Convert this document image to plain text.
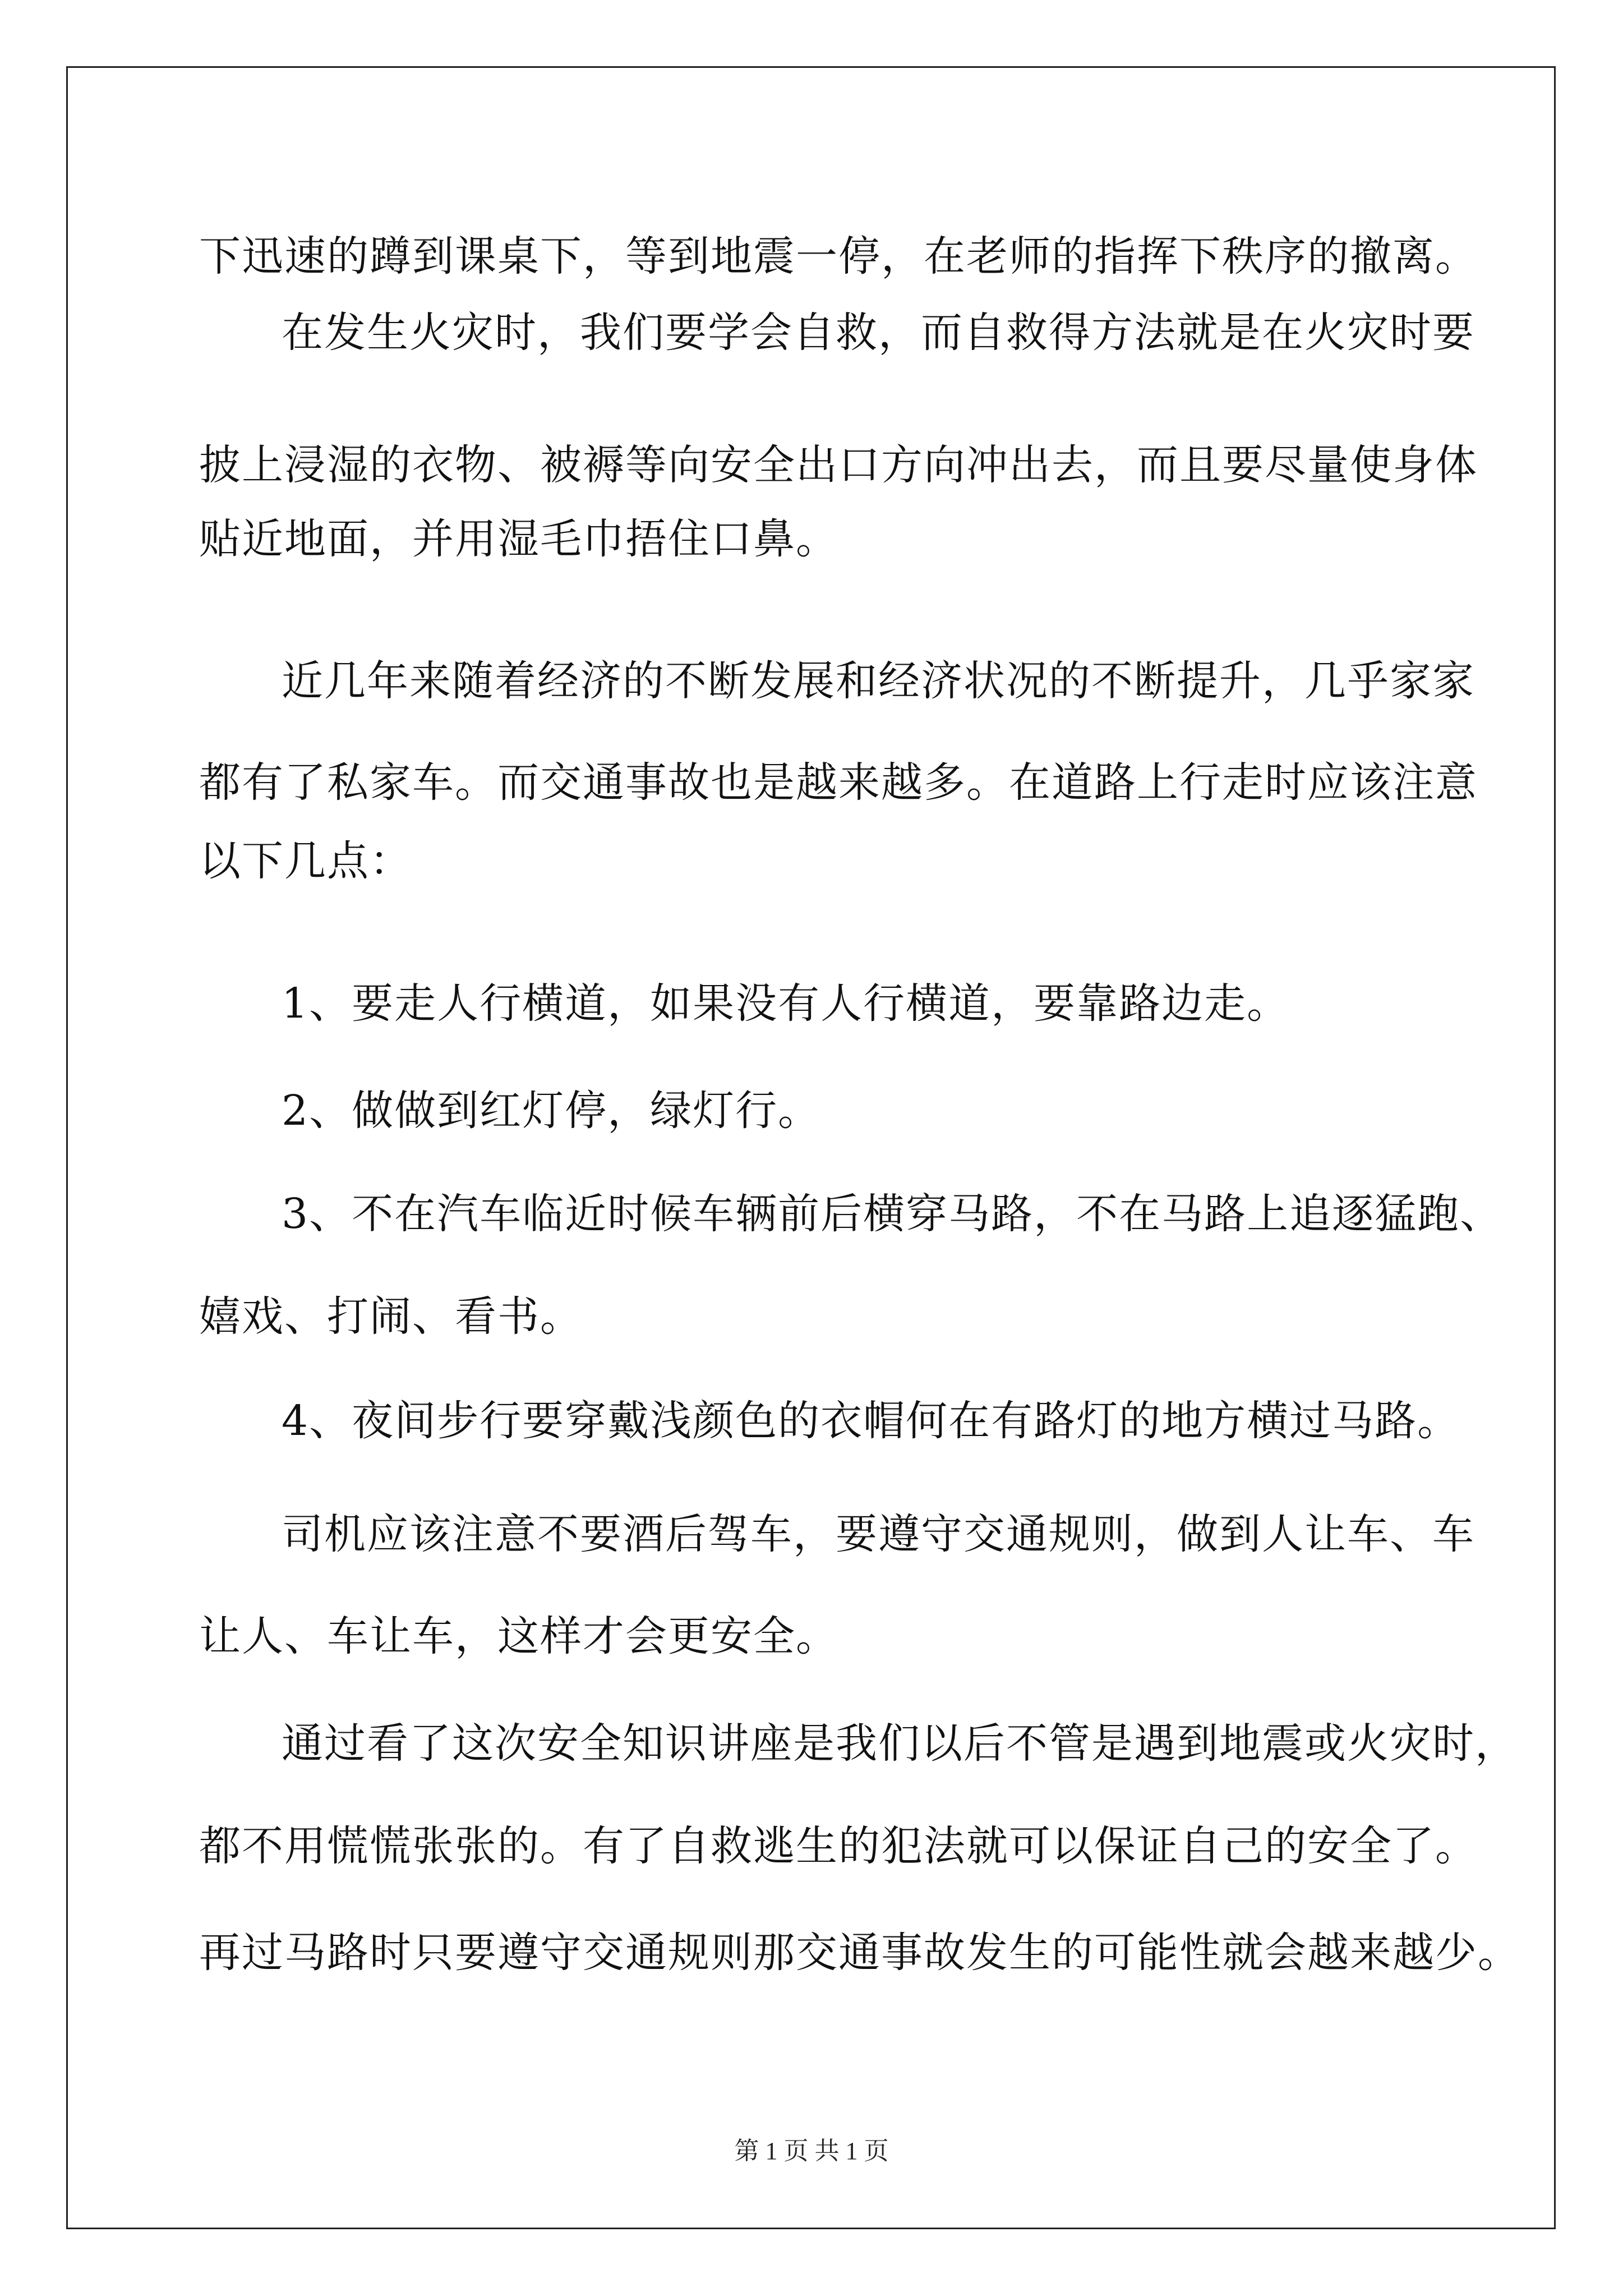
下迅速的蹲到课桌下，等到地震一停，在老师的指挥下秩序的撤离。
在发生火灾时，我们要学会自救，而自救得方法就是在火灾时要
披上浸湿的衣物、被褥等向安全出口方向冲出去，而且要尽量使身体
贴近地面，并用湿毛巾捂住口鼻。
近几年来随着经济的不断发展和经济状况的不断提升，几乎家家
都有了私家车。而交通事故也是越来越多。在道路上行走时应该注意
以下几点：
1、要走人行横道，如果没有人行横道，要靠路边走。
2、做做到红灯停，绿灯行。
3、不在汽车临近时候车辆前后横穿马路，不在马路上追逐猛跑、
嬉戏、打闹、看书。
4、夜间步行要穿戴浅颜色的衣帽何在有路灯的地方横过马路。
司机应该注意不要酒后驾车，要遵守交通规则，做到人让车、车
让人、车让车，这样才会更安全。
通过看了这次安全知识讲座是我们以后不管是遇到地震或火灾时，
都不用慌慌张张的。有了自救逃生的犯法就可以保证自己的安全了。
再过马路时只要遵守交通规则那交通事故发生的可能性就会越来越少。
第 1 页 共 1 页
